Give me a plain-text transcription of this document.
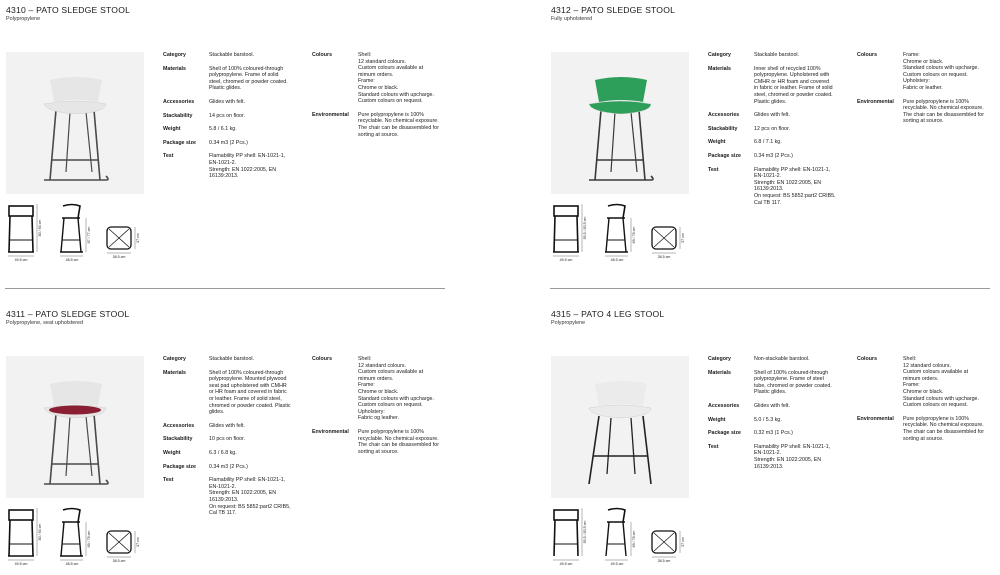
4310 – PATO SLEDGE STOOL
Polypropylene
49.5 cm	48.5 cm
38.5 cm
80 / 93 cm	67 / 77 cm	37 cm
Category	Stackable barstool.
Materials	Shell of 100% coloured-through
polypropylene. Frame of solid
steel, chromed or powder coated.
Plastic glides.
Accessories	Glides with felt.
Stackability	14 pcs on floor.
Weight	5.8 / 6.1 kg.
Package size	0.34 m3 (2 Pcs.)
Test	Flamability PP shell: EN-1021-1,
EN-1021-2.
Strength: EN 1022:2005, EN
16139:2013.
Colours	Shell:
12 standard colours.
Custom colours available at
mimum orders.
Frame:
Chrome or black.
Standard colours with upcharge.
Custom colours on request.
Environmental	Pure polypropylene is 100%
recyclable. No chemical exposure.
The chair can be disassembled for
sorting at source.
4312 – PATO SLEDGE STOOL
Fully upholstered
49.5 cm	48.5 cm
38.5 cm
93,5 / 83,5 cm	69 / 78 cm	37 cm
Category	Stackable barstool.
Materials	Inner shell of recycled 100%
polypropylene. Upholstered with
CMHR or HR foam and covered
in fabric or leather. Frame of solid
steel, chromed or powder coated.
Plastic glides.
Accessories	Glides with felt.
Stackability	12 pcs on floor.
Weight	6.8 / 7.1 kg.
Package size	0.34 m3 (2 Pcs.)
Test	Flamability PP shell: EN-1021-1,
EN-1021-2.
Strength: EN 1022:2005, EN
16139:2013.
On request: BS 5852:part2 CRIB5,
Cal TB 117.
Colours	Frame:
Chrome or black.
Standard colours with upcharge.
Custom colours on request.
Upholstery:
Fabric or leather.
Environmental	Pure polypropylene is 100%
recyclable. No chemical exposure.
The chair can be disassembled for
sorting at source.
4311 – PATO SLEDGE STOOL
Polypropylene, seat upholstered
49.5 cm	48.5 cm
38.5 cm
80 / 93 cm	69 / 78 cm	37 cm
Category	Stackable barstool.
Materials	Shell of 100% coloured-through
polypropylene. Mounted plywood
seat pad upholstered with CMHR
or HR foam and covered in fabric
or leather. Frame of solid steel,
chromed or powder coated. Plastic
glides.
Accessories	Glides with felt.
Stackability	10 pcs on floor.
Weight	6.3 / 6.8 kg.
Package size	0.34 m3 (2 Pcs.)
Test	Flamability PP shell: EN-1021-1,
EN-1021-2.
Strength: EN 1022:2005, EN
16139:2013.
On request: BS 5852:part2 CRIB5,
Cal TB 117.
Colours	Shell:
12 standard colours.
Custom colours available at
mimum orders.
Frame:
Chrome or black.
Standard colours with upcharge.
Custom colours on request.
Upholstery:
Fabric og leather.
Environmental	Pure polypropylene is 100%
recyclable. No chemical exposure.
The chair can be disassembled for
sorting at source.
4315 – PATO 4 LEG STOOL
Polypropylene
49.5 cm	49.5 cm
38.5 cm
93,5 / 83,5 cm	69 / 78 cm	37 cm
Category	Non-stackable barstool.
Materials	Shell of 100% coloured-through
polypropylene. Frame of steel
tube, chromed or powder coated.
Plastic glides.
Accessories	Glides with felt.
Weight	5.0 / 5.3 kg.
Package size	0.32 m3 (1 Pcs.)
Test	Flamability PP shell: EN-1021-1,
EN-1021-2.
Strength: EN 1022:2005, EN
16139:2013.
Colours	Shell:
12 standard colours.
Custom colours available at
mimum orders.
Frame:
Chrome or black.
Standard colours with upcharge.
Custom colours on request.
Environmental	Pure polypropylene is 100%
recyclable. No chemical exposure.
The chair can be disassembled for
sorting at source.
